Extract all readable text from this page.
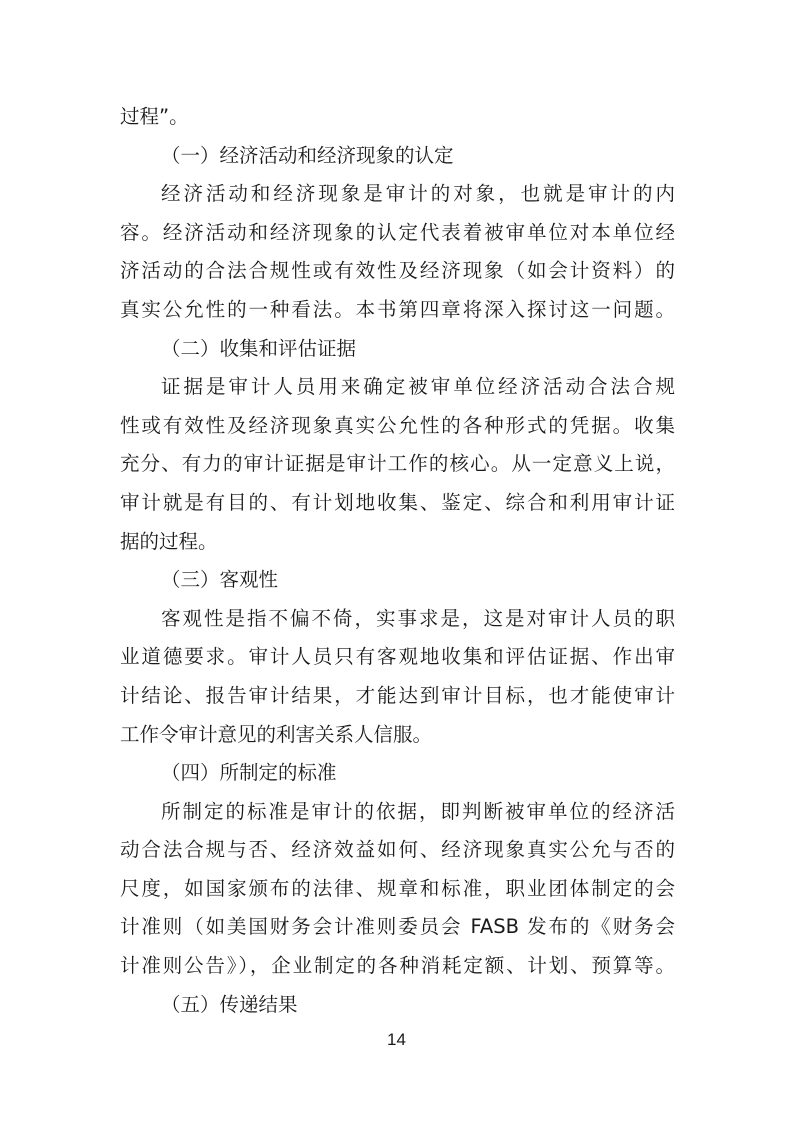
过程”。
（一）经济活动和经济现象的认定
经济活动和经济现象是审计的对象，也就是审计的内
容。经济活动和经济现象的认定代表着被审单位对本单位经
济活动的合法合规性或有效性及经济现象（如会计资料）的
真实公允性的一种看法。本书第四章将深入探讨这一问题。
（二）收集和评估证据
证据是审计人员用来确定被审单位经济活动合法合规
性或有效性及经济现象真实公允性的各种形式的凭据。收集
充分、有力的审计证据是审计工作的核心。从一定意义上说，
审计就是有目的、有计划地收集、鉴定、综合和利用审计证
据的过程。
（三）客观性
客观性是指不偏不倚，实事求是，这是对审计人员的职
业道德要求。审计人员只有客观地收集和评估证据、作出审
计结论、报告审计结果，才能达到审计目标，也才能使审计
工作令审计意见的利害关系人信服。
（四）所制定的标准
所制定的标准是审计的依据，即判断被审单位的经济活
动合法合规与否、经济效益如何、经济现象真实公允与否的
尺度，如国家颁布的法律、规章和标准，职业团体制定的会
计准则（如美国财务会计准则委员会 FASB 发布的《财务会
计准则公告》），企业制定的各种消耗定额、计划、预算等。
（五）传递结果
14
